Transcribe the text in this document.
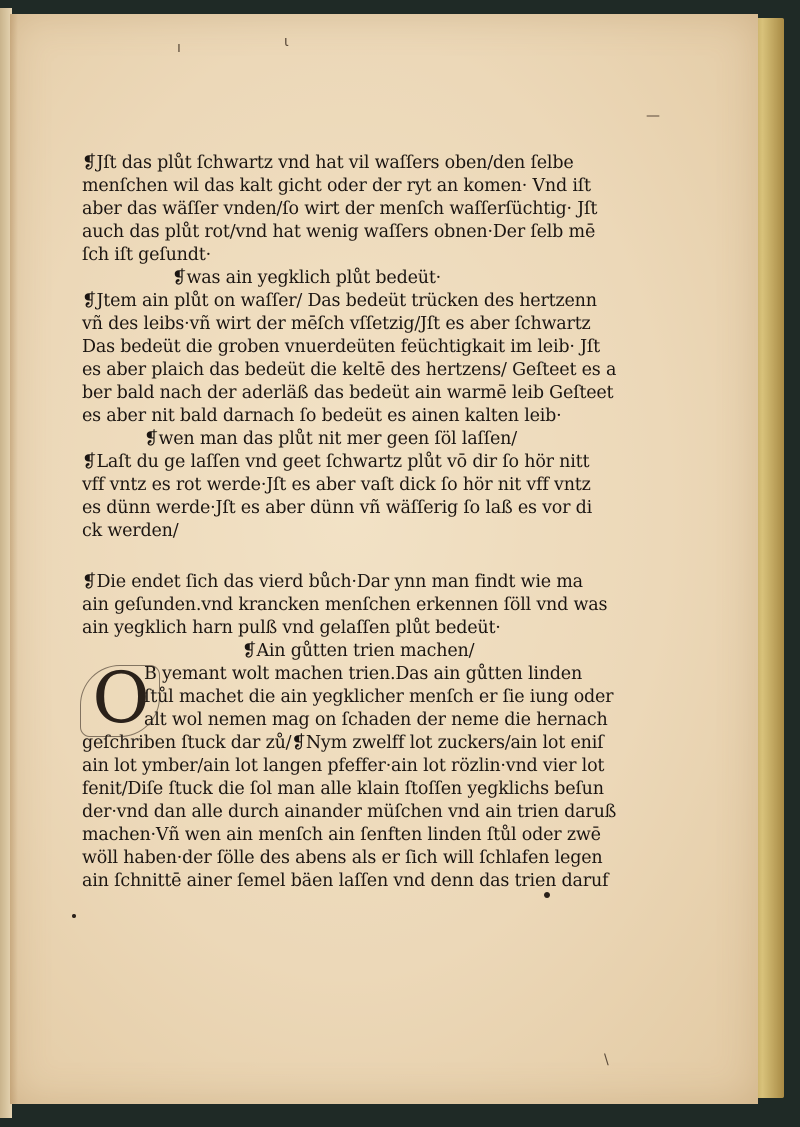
ı	ɩ
—
\
❡Jſt das plůt ſchwartz vnd hat vil waſſers oben/den ſelbe
menſchen wil das kalt gicht oder der ryt an komen· Vnd iſt
aber das wäſſer vnden/ſo wirt der menſch waſſerſüchtig· Jſt
auch das plůt rot/vnd hat wenig waſſers obnen·Der ſelb mē
ſch iſt geſundt·
❡was ain yegklich plůt bedeüt·
❡Jtem ain plůt on waſſer/ Das bedeüt trücken des hertzenn
vñ des leibs·vñ wirt der mēſch vſſetzig/Jſt es aber ſchwartz
Das bedeüt die groben vnuerdeüten feüchtigkait im leib· Jſt
es aber plaich das bedeüt die keltē des hertzens/ Geſteet es a
ber bald nach der aderläß das bedeüt ain warmē leib Geſteet
es aber nit bald darnach ſo bedeüt es ainen kalten leib·
❡wen man das plůt nit mer geen ſöl laſſen/
❡Laſt du ge laſſen vnd geet ſchwartz plůt vō dir ſo hör nitt
vff vntz es rot werde·Jſt es aber vaſt dick ſo hör nit vff vntz
es dünn werde·Jſt es aber dünn vñ wäſſerig ſo laß es vor di
ck werden/
❡Die endet ſich das vierd bůch·Dar ynn man findt wie ma
ain geſunden.vnd krancken menſchen erkennen ſöll vnd was
ain yegklich harn pulß vnd gelaſſen plůt bedeüt·
❡Ain gůtten trien machen/
O
B yemant wolt machen trien.Das ain gůtten linden
ſtůl machet die ain yegklicher menſch er ſie iung oder
alt wol nemen mag on ſchaden der neme die hernach
geſchriben ſtuck dar zů/❡Nym zwelff lot zuckers/ain lot eniſ
ain lot ymber/ain lot langen pfeffer·ain lot rözlin·vnd vier lot
fenit/Diſe ſtuck die ſol man alle klain ſtoſſen yegklichs beſun
der·vnd dan alle durch ainander müſchen vnd ain trien daruß
machen·Vñ wen ain menſch ain ſenften linden ſtůl oder zwē
wöll haben·der ſölle des abens als er ſich will ſchlafen legen
ain ſchnittē ainer ſemel bäen laſſen vnd denn das trien daruf
